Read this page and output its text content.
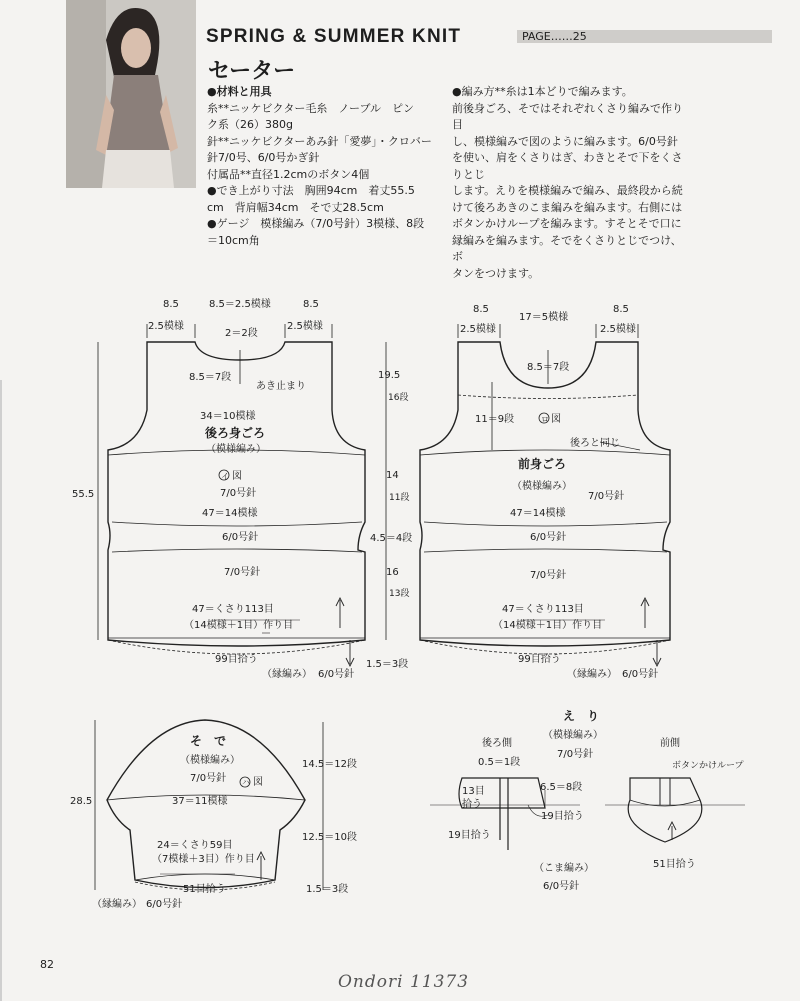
SPRING & SUMMER KNIT	PAGE……25
セーター
●材料と用具
糸**ニッケビクター毛糸　ノーブル　ピン
ク系（26）380g
針**ニッケビクターあみ針「愛夢」・クロバー
針7/0号、6/0号かぎ針
付属品**直径1.2cmのボタン4個
●でき上がり寸法　胸囲94cm　着丈55.5
cm　背肩幅34cm　そで丈28.5cm
●ゲージ　模様編み（7/0号針）3模様、8段
＝10cm角
●編み方**糸は1本どりで編みます。
前後身ごろ、そではそれぞれくさり編みで作り目
し、模様編みで図のように編みます。6/0号針
を使い、肩をくさりはぎ、わきとそで下をくさりとじ
します。えりを模様編みで編み、最終段から続
けて後ろあきのこま編みを編みます。右側には
ボタンかけループを編みます。すそとそで口に
縁編みを編みます。そでをくさりとじでつけ、ボ
タンをつけます。
8.5
2.5模様
8.5＝2.5模様	8.5
2.5模様
2＝2段
8.5＝7段
あき止まり
34＝10模様
後ろ身ごろ
（模様編み）
イ 図
7/0号針
47＝14模様
6/0号針
7/0号針
47＝くさり113目
（14模様＋1目）作り目
99目拾う
（縁編み） 6/0号針
55.5
19.5
16段
14
11段
4.5＝4段
16
13段
1.5＝3段
8.5
2.5模様
17＝5模様
8.5
2.5模様
8.5＝7段
11＝9段	ロ 図
後ろと同じ
前身ごろ
（模様編み）
7/0号針
47＝14模様
6/0号針
7/0号針
47＝くさり113目
（14模様＋1目）作り目
99目拾う
（縁編み） 6/0号針
そ　で
（模様編み）
7/0号針 ハ 図
37＝11模様
24＝くさり59目
（7模様＋3目）作り目
51目拾う
（縁編み） 6/0号針
28.5
14.5＝12段
12.5＝10段
1.5＝3段
え　り
（模様編み）
7/0号針
後ろ側
0.5＝1段
6.5＝8段
13目
拾う
19目拾う
19目拾う
（こま編み）
6/0号針
前側
ボタンかけループ
51目拾う
82
Ondori 11373
